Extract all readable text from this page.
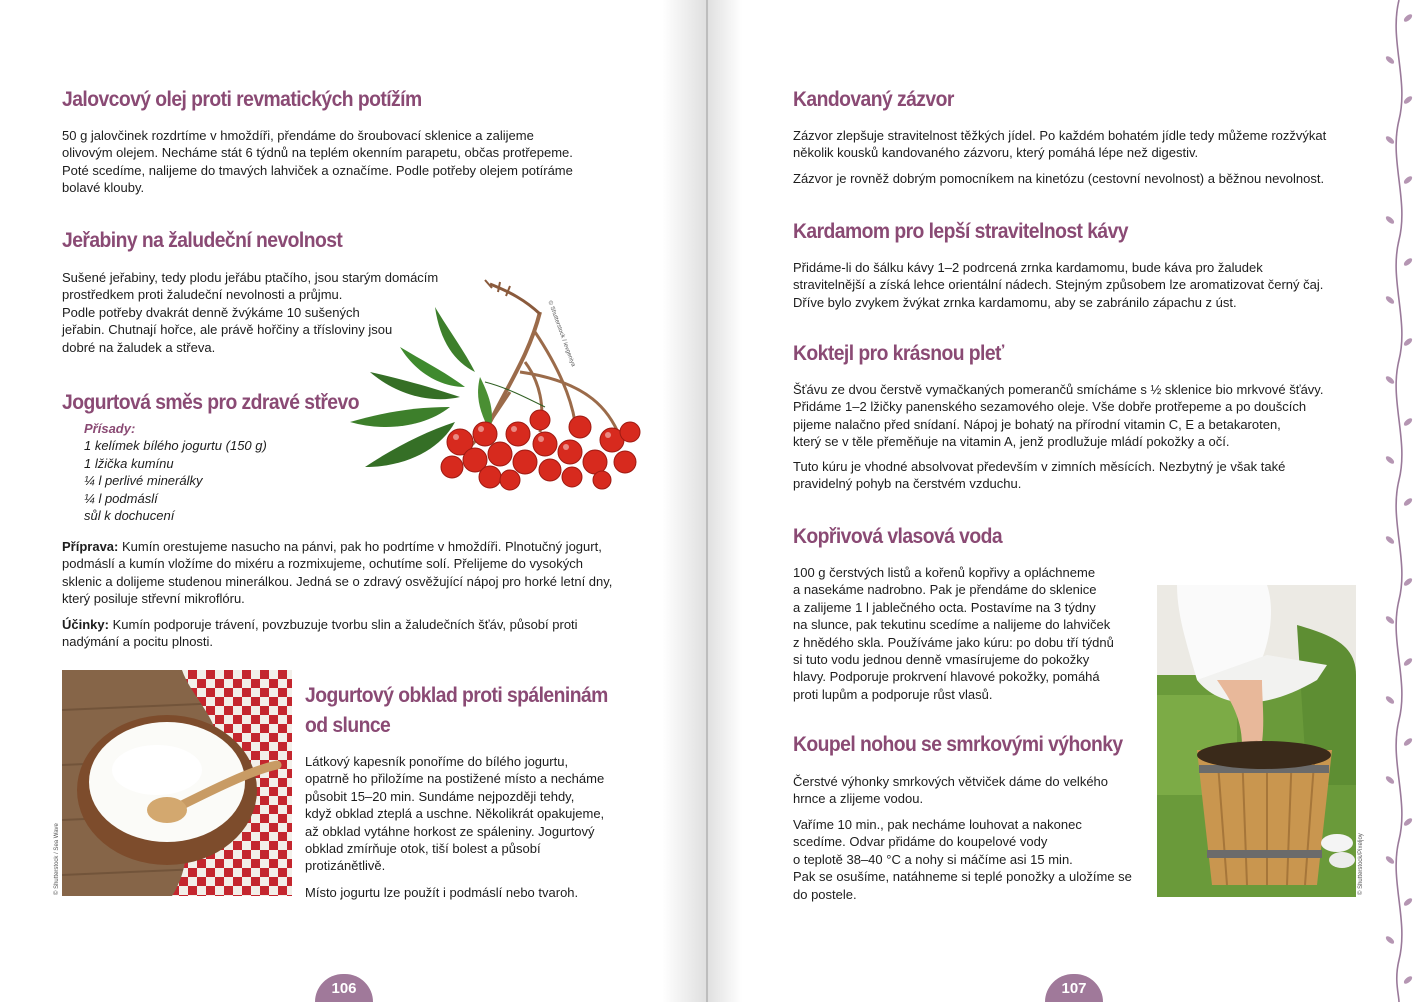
Jalovcový olej proti revmatických potížím
50 g jalovčinek rozdrtíme v hmoždíři, přendáme do šroubovací sklenice a zalijeme
olivovým olejem. Necháme stát 6 týdnů na teplém okenním parapetu, občas protřepeme.
Poté scedíme, nalijeme do tmavých lahviček a označíme. Podle potřeby olejem potíráme
bolavé klouby.
Jeřabiny na žaludeční nevolnost
Sušené jeřabiny, tedy plodu jeřábu ptačího, jsou starým domácím
prostředkem proti žaludeční nevolnosti a průjmu.
Podle potřeby dvakrát denně žvýkáme 10 sušených
jeřabin. Chutnají hořce, ale právě hořčiny a třísloviny jsou
dobré na žaludek a střeva.	© Shutterstock / ievgeniya
Jogurtová směs pro zdravé střevo
Přísady:
1 kelímek bílého jogurtu (150 g)
1 lžička kumínu
¼ l perlivé minerálky
¼ l podmáslí
sůl k dochucení
Příprava: Kumín orestujeme nasucho na pánvi, pak ho podrtíme v hmoždíři. Plnotučný jogurt,
podmáslí a kumín vložíme do mixéru a rozmixujeme, ochutíme solí. Přelijeme do vysokých
sklenic a dolijeme studenou minerálkou. Jedná se o zdravý osvěžující nápoj pro horké letní dny,
který posiluje střevní mikroflóru.
Účinky: Kumín podporuje trávení, povzbuzuje tvorbu slin a žaludečních šťáv, působí proti
nadýmání a pocitu plnosti.
© Shutterstock / Sea Wave
Jogurtový obklad proti spáleninám
od slunce
Látkový kapesník ponoříme do bílého jogurtu,
opatrně ho přiložíme na postižené místo a necháme
působit 15–20 min. Sundáme nejpozději tehdy,
když obklad zteplá a uschne. Několikrát opakujeme,
až obklad vytáhne horkost ze spáleniny. Jogurtový
obklad zmírňuje otok, tiší bolest a působí
protizánětlivě.
Místo jogurtu lze použít i podmáslí nebo tvaroh.
106
Kandovaný zázvor
Zázvor zlepšuje stravitelnost těžkých jídel. Po každém bohatém jídle tedy můžeme rozžvýkat
několik kousků kandovaného zázvoru, který pomáhá lépe než digestiv.
Zázvor je rovněž dobrým pomocníkem na kinetózu (cestovní nevolnost) a běžnou nevolnost.
Kardamom pro lepší stravitelnost kávy
Přidáme-li do šálku kávy 1–2 podrcená zrnka kardamomu, bude káva pro žaludek
stravitelnější a získá lehce orientální nádech. Stejným způsobem lze aromatizovat černý čaj.
Dříve bylo zvykem žvýkat zrnka kardamomu, aby se zabránilo zápachu z úst.
Koktejl pro krásnou pleť
Šťávu ze dvou čerstvě vymačkaných pomerančů smícháme s ½ sklenice bio mrkvové šťávy.
Přidáme 1–2 lžičky panenského sezamového oleje. Vše dobře protřepeme a po doušcích
pijeme nalačno před snídaní. Nápoj je bohatý na přírodní vitamin C, E a betakaroten,
který se v těle přeměňuje na vitamin A, jenž prodlužuje mládí pokožky a očí.
Tuto kúru je vhodné absolvovat především v zimních měsících. Nezbytný je však také
pravidelný pohyb na čerstvém vzduchu.
Kopřivová vlasová voda
100 g čerstvých listů a kořenů kopřivy a opláchneme
a nasekáme nadrobno. Pak je přendáme do sklenice
a zalijeme 1 l jablečného octa. Postavíme na 3 týdny
na slunce, pak tekutinu scedíme a nalijeme do lahviček
z hnědého skla. Používáme jako kúru: po dobu tří týdnů
si tuto vodu jednou denně vmasírujeme do pokožky
hlavy. Podporuje prokrvení hlavové pokožky, pomáhá
proti lupům a podporuje růst vlasů.
Koupel nohou se smrkovými výhonky
Čerstvé výhonky smrkových větviček dáme do velkého
hrnce a zlijeme vodou.
Vaříme 10 min., pak necháme louhovat a nakonec
scedíme. Odvar přidáme do koupelové vody
o teplotě 38–40 °C a nohy si máčíme asi 15 min.
Pak se osušíme, natáhneme si teplé ponožky a uložíme se
do postele.	© Shutterstock/Pixeljoy
107
